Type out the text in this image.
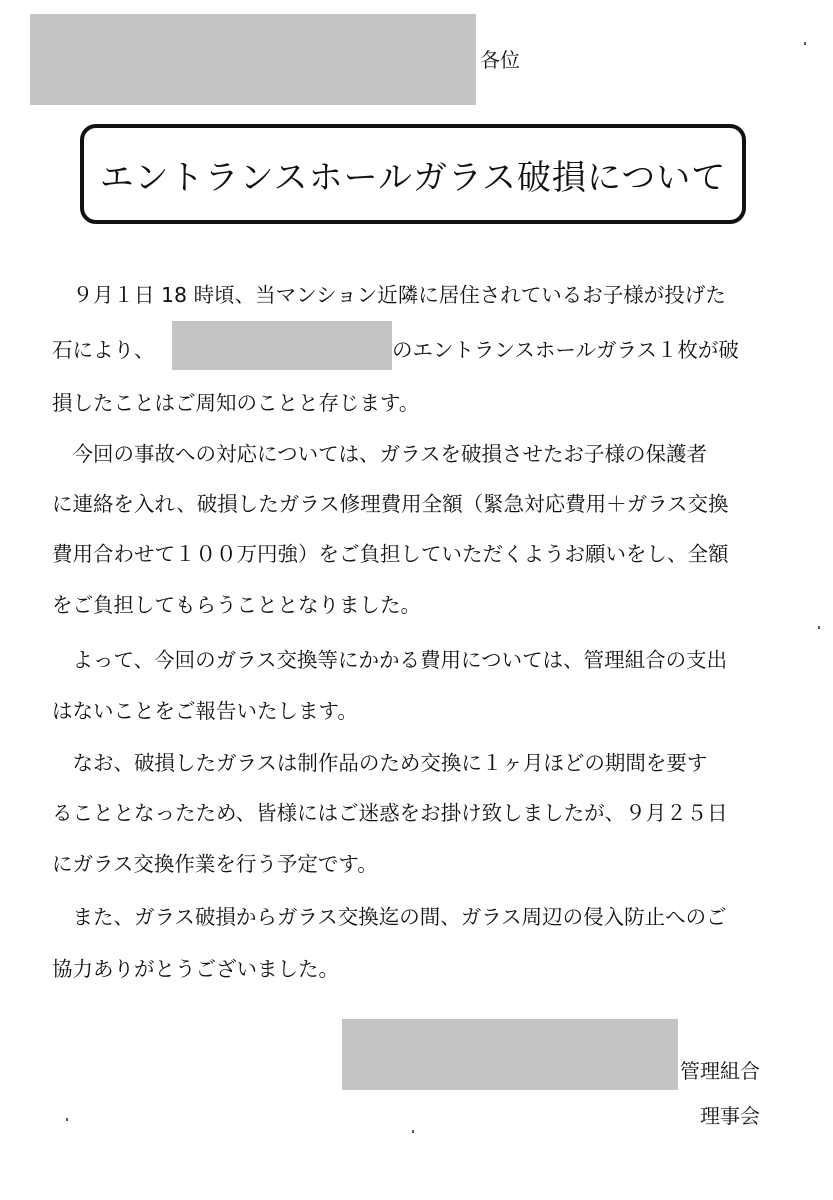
各位
エントランスホールガラス破損について
　９月１日 18 時頃、当マンション近隣に居住されているお子様が投げた
石により、	のエントランスホールガラス１枚が破
損したことはご周知のことと存じます。
　今回の事故への対応については、ガラスを破損させたお子様の保護者
に連絡を入れ、破損したガラス修理費用全額（緊急対応費用＋ガラス交換
費用合わせて１００万円強）をご負担していただくようお願いをし、全額
をご負担してもらうこととなりました。
　よって、今回のガラス交換等にかかる費用については、管理組合の支出
はないことをご報告いたします。
　なお、破損したガラスは制作品のため交換に１ヶ月ほどの期間を要す
ることとなったため、皆様にはご迷惑をお掛け致しましたが、９月２５日
にガラス交換作業を行う予定です。
　また、ガラス破損からガラス交換迄の間、ガラス周辺の侵入防止へのご
協力ありがとうございました。
管理組合
理事会
